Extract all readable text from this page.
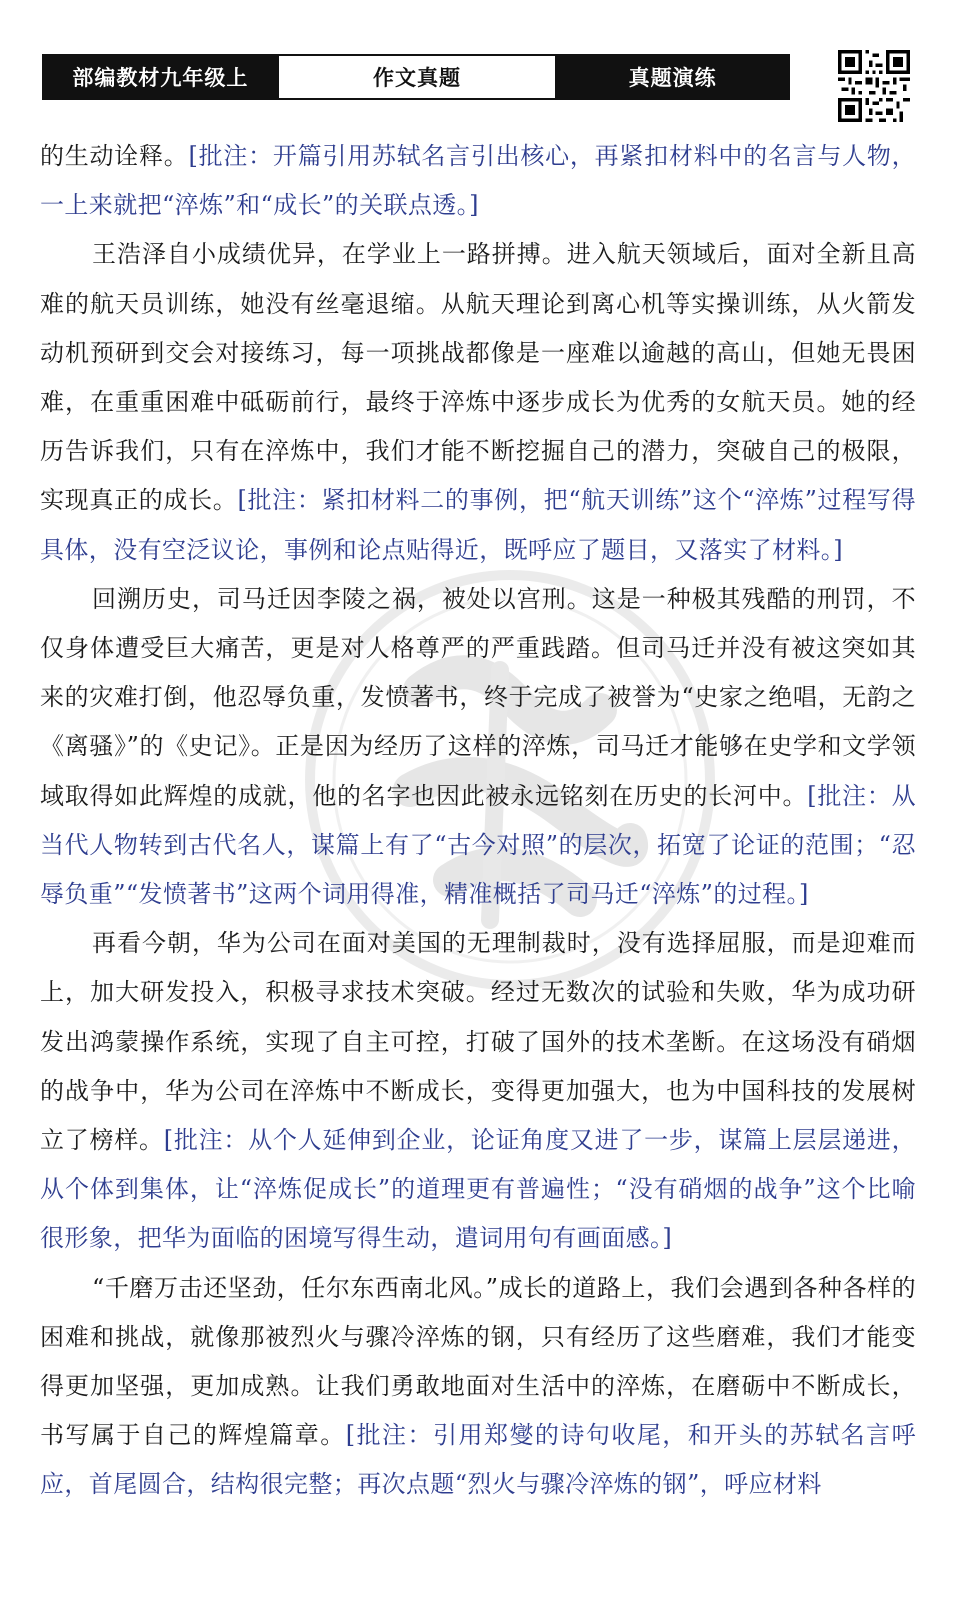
部编教材九年级上	作文真题	真题演练

的生动诠释。[批注：开篇引用苏轼名言引出核心，再紧扣材料中的名言与人物，一上来就把“淬炼”和“成长”的关联点透。]

王浩泽自小成绩优异，在学业上一路拼搏。进入航天领域后，面对全新且高难的航天员训练，她没有丝毫退缩。从航天理论到离心机等实操训练，从火箭发动机预研到交会对接练习，每一项挑战都像是一座难以逾越的高山，但她无畏困难，在重重困难中砥砺前行，最终于淬炼中逐步成长为优秀的女航天员。她的经历告诉我们，只有在淬炼中，我们才能不断挖掘自己的潜力，突破自己的极限，实现真正的成长。[批注：紧扣材料二的事例，把“航天训练”这个“淬炼”过程写得具体，没有空泛议论，事例和论点贴得近，既呼应了题目，又落实了材料。]

回溯历史，司马迁因李陵之祸，被处以宫刑。这是一种极其残酷的刑罚，不仅身体遭受巨大痛苦，更是对人格尊严的严重践踏。但司马迁并没有被这突如其来的灾难打倒，他忍辱负重，发愤著书，终于完成了被誉为“史家之绝唱，无韵之《离骚》”的《史记》。正是因为经历了这样的淬炼，司马迁才能够在史学和文学领域取得如此辉煌的成就，他的名字也因此被永远铭刻在历史的长河中。[批注：从当代人物转到古代名人，谋篇上有了“古今对照”的层次，拓宽了论证的范围；“忍辱负重”“发愤著书”这两个词用得准，精准概括了司马迁“淬炼”的过程。]

再看今朝，华为公司在面对美国的无理制裁时，没有选择屈服，而是迎难而上，加大研发投入，积极寻求技术突破。经过无数次的试验和失败，华为成功研发出鸿蒙操作系统，实现了自主可控，打破了国外的技术垄断。在这场没有硝烟的战争中，华为公司在淬炼中不断成长，变得更加强大，也为中国科技的发展树立了榜样。[批注：从个人延伸到企业，论证角度又进了一步，谋篇上层层递进，从个体到集体，让“淬炼促成长”的道理更有普遍性；“没有硝烟的战争”这个比喻很形象，把华为面临的困境写得生动，遣词用句有画面感。]

“千磨万击还坚劲，任尔东西南北风。”成长的道路上，我们会遇到各种各样的困难和挑战，就像那被烈火与骤冷淬炼的钢，只有经历了这些磨难，我们才能变得更加坚强，更加成熟。让我们勇敢地面对生活中的淬炼，在磨砺中不断成长，书写属于自己的辉煌篇章。[批注：引用郑燮的诗句收尾，和开头的苏轼名言呼应，首尾圆合，结构很完整；再次点题“烈火与骤冷淬炼的钢”，呼应材料
